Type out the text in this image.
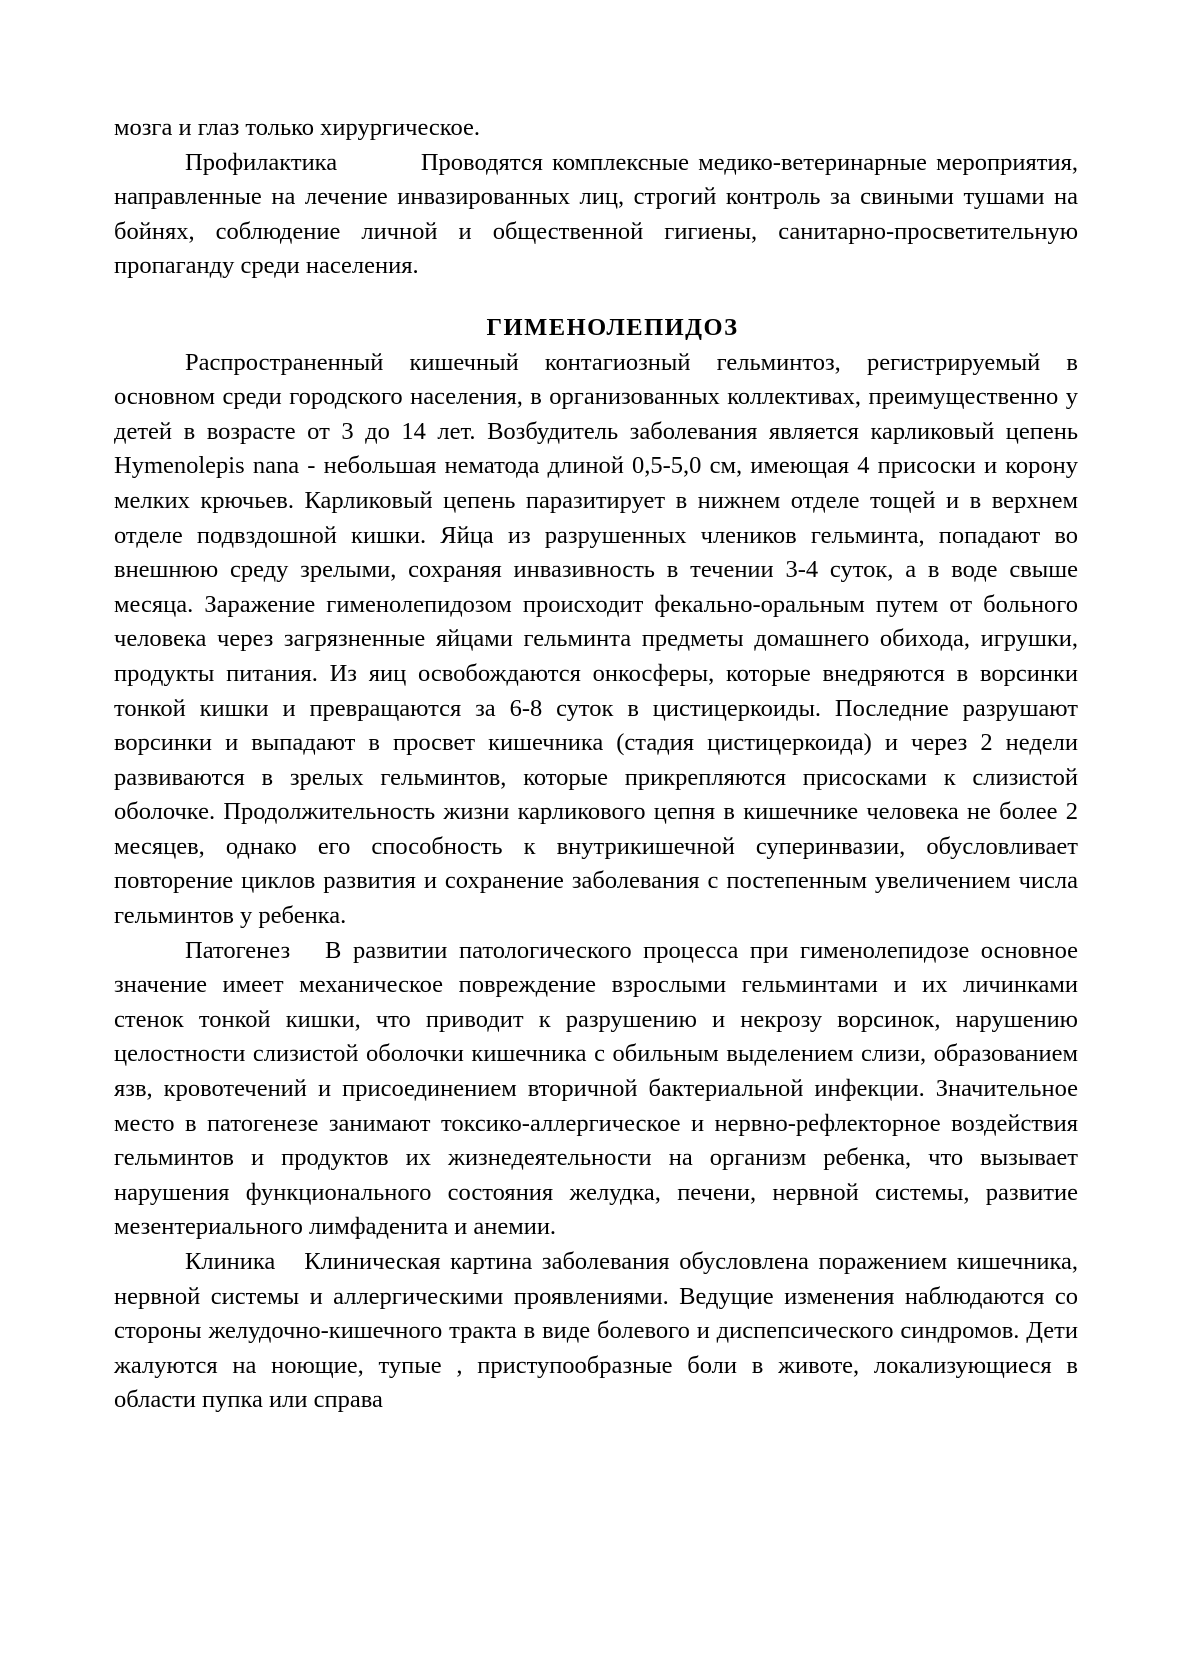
мозга и глаз только хирургическое.

Профилактика	Проводятся комплексные медико-ветеринарные мероприятия, направленные на лечение инвазированных лиц, строгий контроль за свиными тушами на бойнях, соблюдение личной и общественной гигиены, санитарно-просветительную пропаганду среди населения.

ГИМЕНОЛЕПИДОЗ

Распространенный кишечный контагиозный гельминтоз, регистрируемый в основном среди городского населения, в организованных коллективах, преимущественно у детей в возрасте от 3 до 14 лет. Возбудитель заболевания является карликовый цепень Hymenolepis nana - небольшая нематода длиной 0,5-5,0 см, имеющая 4 присоски и корону мелких крючьев. Карликовый цепень паразитирует в нижнем отделе тощей и в верхнем отделе подвздошной кишки. Яйца из разрушенных члеников гельминта, попадают во внешнюю среду зрелыми, сохраняя инвазивность в течении 3-4 суток, а в воде свыше месяца. Заражение гименолепидозом происходит фекально-оральным путем от больного человека через загрязненные яйцами гельминта предметы домашнего обихода, игрушки, продукты питания. Из яиц освобождаются онкосферы, которые внедряются в ворсинки тонкой кишки и превращаются за 6-8 суток в цистицеркоиды. Последние разрушают ворсинки и выпадают в просвет кишечника (стадия цистицеркоида) и через 2 недели развиваются в зрелых гельминтов, которые прикрепляются присосками к слизистой оболочке. Продолжительность жизни карликового цепня в кишечнике человека не более 2 месяцев, однако его способность к внутрикишечной суперинвазии, обусловливает повторение циклов развития и сохранение заболевания с постепенным увеличением числа гельминтов у ребенка.

Патогенез В развитии патологического процесса при гименолепидозе основное значение имеет механическое повреждение взрослыми гельминтами и их личинками стенок тонкой кишки, что приводит к разрушению и некрозу ворсинок, нарушению целостности слизистой оболочки кишечника с обильным выделением слизи, образованием язв, кровотечений и присоединением вторичной бактериальной инфекции. Значительное место в патогенезе занимают токсико-аллергическое и нервно-рефлекторное воздействия гельминтов и продуктов их жизнедеятельности на организм ребенка, что вызывает нарушения функционального состояния желудка, печени, нервной системы, развитие мезентериального лимфаденита и анемии.

Клиника Клиническая картина заболевания обусловлена поражением кишечника, нервной системы и аллергическими проявлениями. Ведущие изменения наблюдаются со стороны желудочно-кишечного тракта в виде болевого и диспепсического синдромов. Дети жалуются на ноющие, тупые , приступообразные боли в животе, локализующиеся в области пупка или справа
